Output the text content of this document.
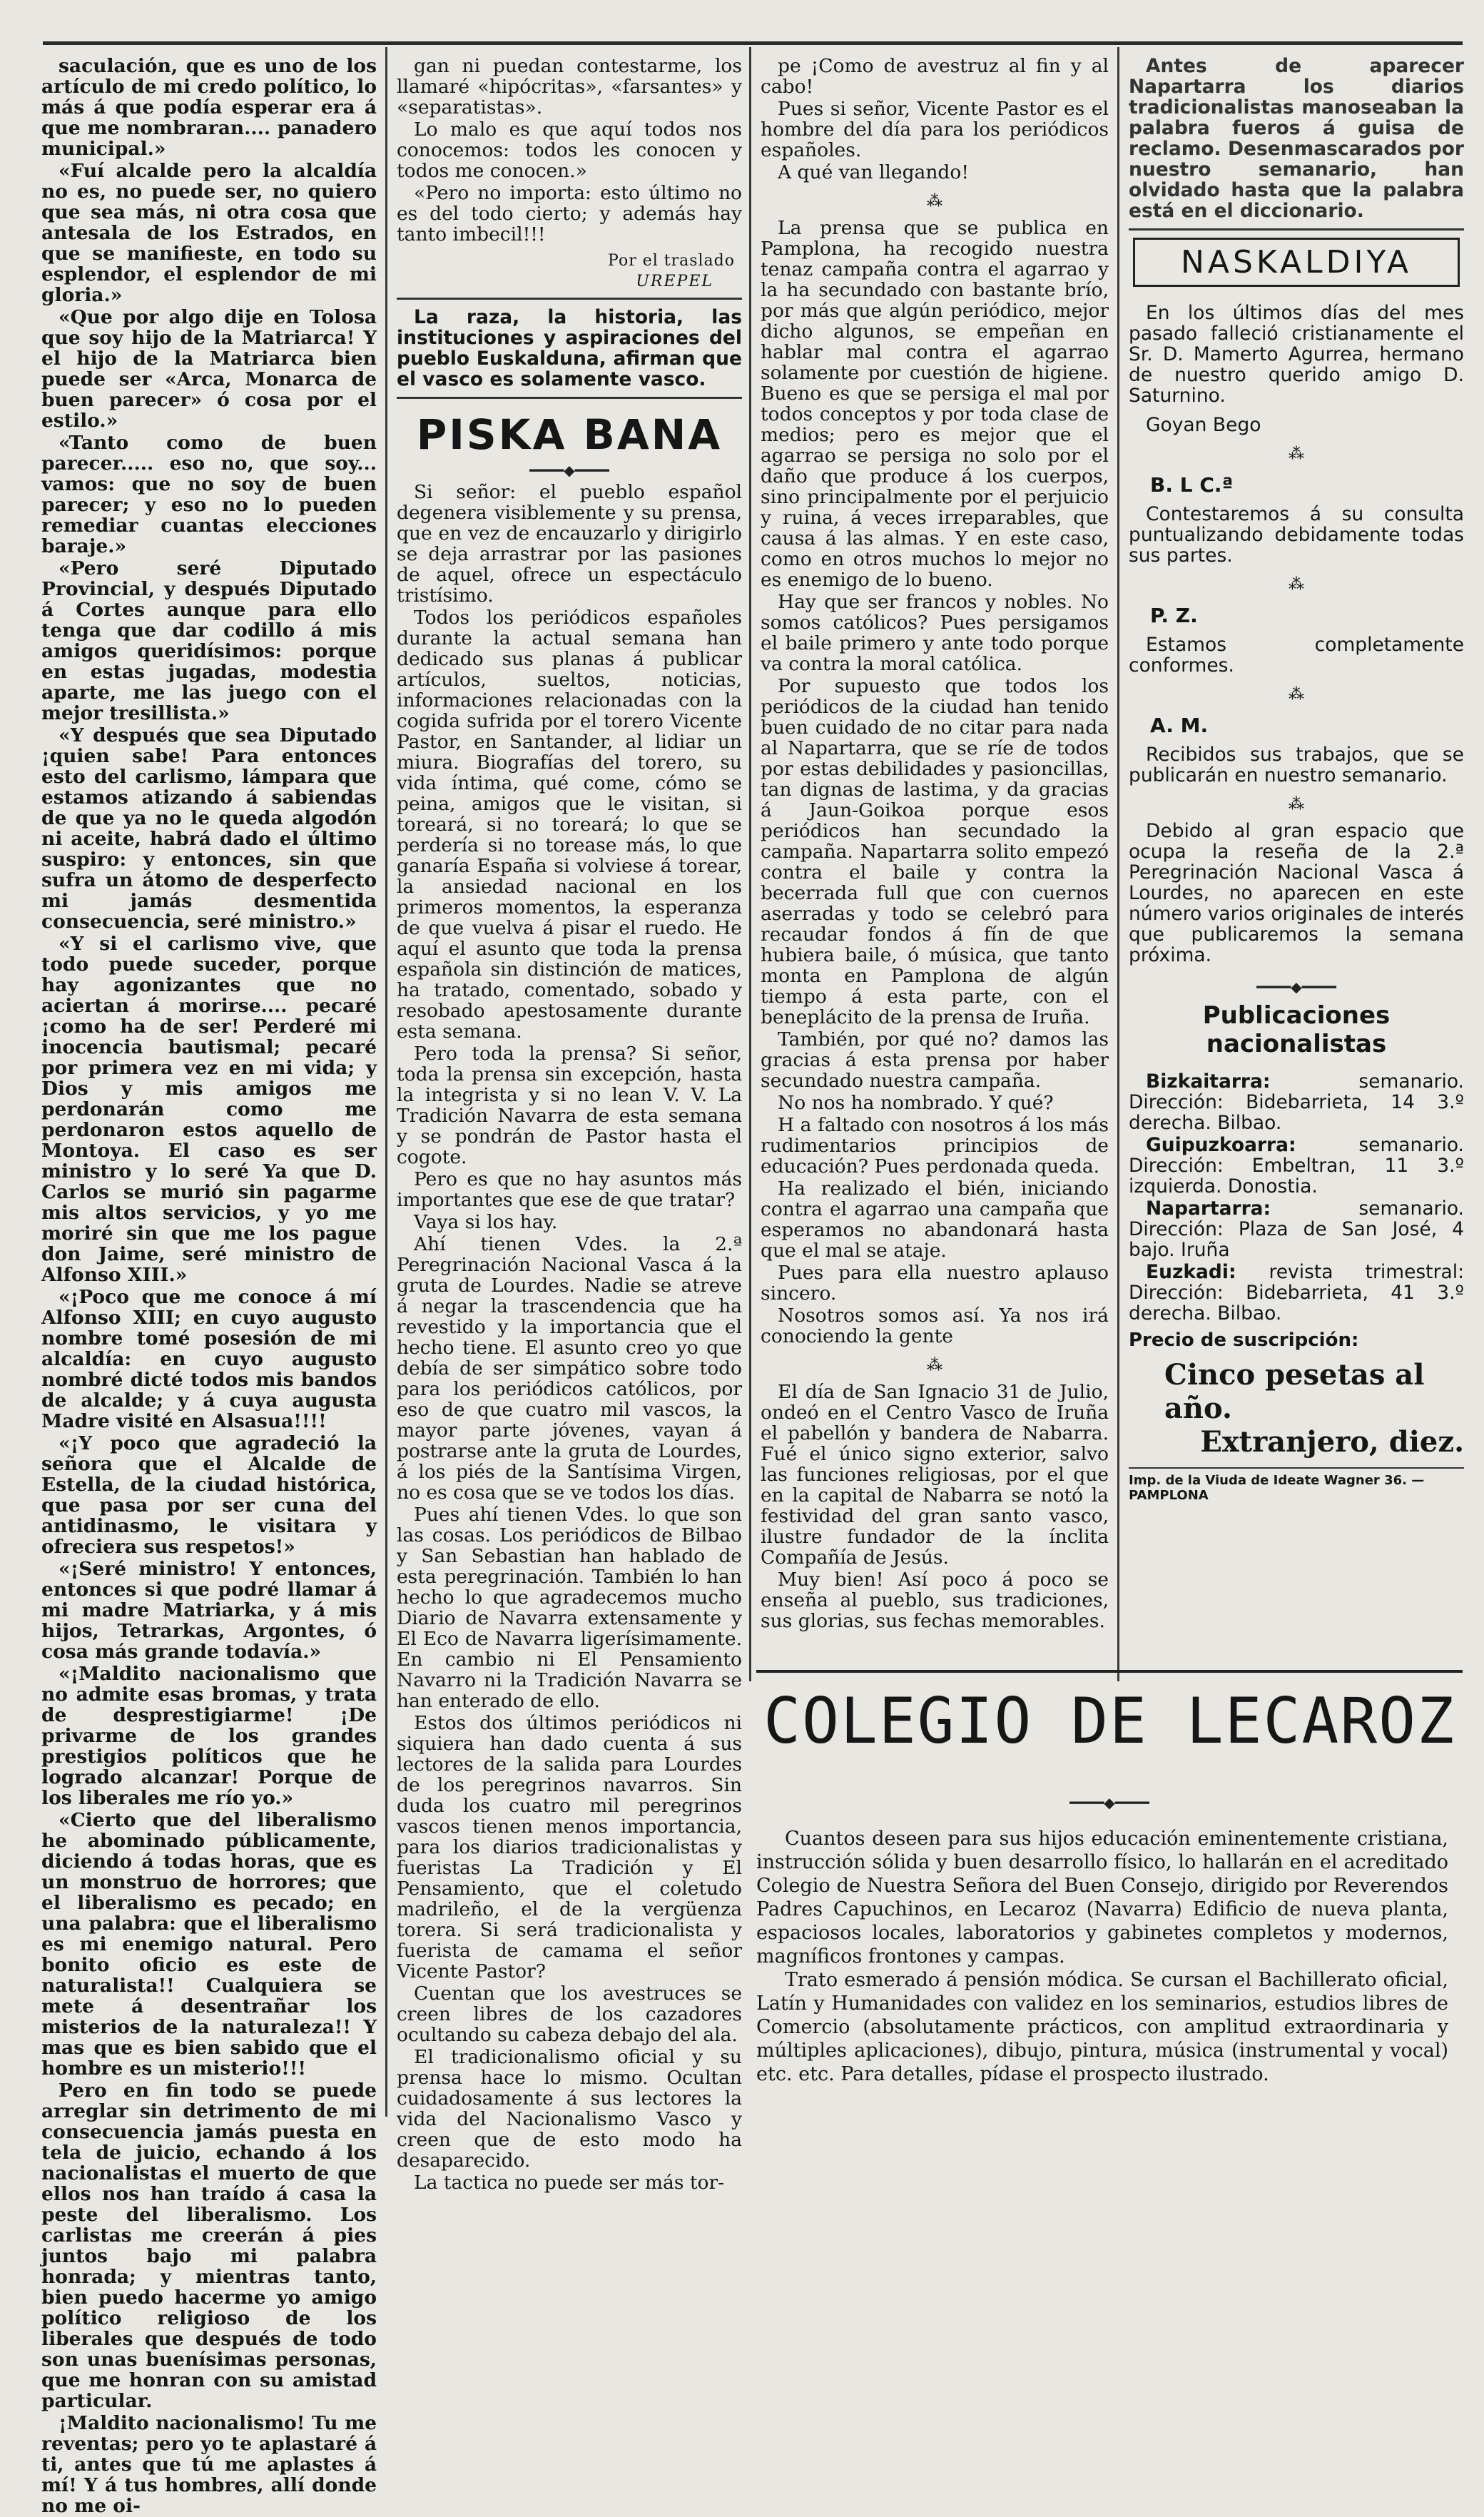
saculación, que es uno de los artículo de mi credo político, lo más á que podía esperar era á que me nombraran.... panadero municipal.»

«Fuí alcalde pero la alcaldía no es, no puede ser, no quiero que sea más, ni otra cosa que antesala de los Estrados, en que se manifieste, en todo su esplendor, el esplendor de mi gloria.»

«Que por algo dije en Tolosa que soy hijo de la Matriarca! Y el hijo de la Matriarca bien puede ser «Arca, Monarca de buen parecer» ó cosa por el estilo.»

«Tanto como de buen parecer..... eso no, que soy... vamos: que no soy de buen parecer; y eso no lo pueden remediar cuantas elecciones baraje.»

«Pero seré Diputado Provincial, y después Diputado á Cortes aunque para ello tenga que dar codillo á mis amigos queridísimos: porque en estas jugadas, modestia aparte, me las juego con el mejor tresillista.»

«Y después que sea Diputado ¡quien sabe! Para entonces esto del carlismo, lámpara que estamos atizando á sabiendas de que ya no le queda algodón ni aceite, habrá dado el último suspiro: y entonces, sin que sufra un átomo de desperfecto mi jamás desmentida consecuencia, seré ministro.»

«Y si el carlismo vive, que todo puede suceder, porque hay agonizantes que no aciertan á morirse.... pecaré ¡como ha de ser! Perderé mi inocencia bautismal; pecaré por primera vez en mi vida; y Dios y mis amigos me perdonarán como me perdonaron estos aquello de Montoya. El caso es ser ministro y lo seré Ya que D. Carlos se murió sin pagarme mis altos servicios, y yo me moriré sin que me los pague don Jaime, seré ministro de Alfonso XIII.»

«¡Poco que me conoce á mí Alfonso XIII; en cuyo augusto nombre tomé posesión de mi alcaldía: en cuyo augusto nombré dicté todos mis bandos de alcalde; y á cuya augusta Madre visité en Alsasua!!!!

«¡Y poco que agradeció la señora que el Alcalde de Estella, de la ciudad histórica, que pasa por ser cuna del antidinasmo, le visitara y ofreciera sus respetos!»

«¡Seré ministro! Y entonces, entonces si que podré llamar á mi madre Matriarka, y á mis hijos, Tetrarkas, Argontes, ó cosa más grande todavía.»

«¡Maldito nacionalismo que no admite esas bromas, y trata de desprestigiarme! ¡De privarme de los grandes prestigios políticos que he logrado alcanzar! Porque de los liberales me río yo.»

«Cierto que del liberalismo he abominado públicamente, diciendo á todas horas, que es un monstruo de horrores; que el liberalismo es pecado; en una palabra: que el liberalismo es mi enemigo natural. Pero bonito oficio es este de naturalista!! Cualquiera se mete á desentrañar los misterios de la naturaleza!! Y mas que es bien sabido que el hombre es un misterio!!!

Pero en fin todo se puede arreglar sin detrimento de mi consecuencia jamás puesta en tela de juicio, echando á los nacionalistas el muerto de que ellos nos han traído á casa la peste del liberalismo. Los carlistas me creerán á pies juntos bajo mi palabra honrada; y mientras tanto, bien puedo hacerme yo amigo político religioso de los liberales que después de todo son unas buenísimas personas, que me honran con su amistad particular.

¡Maldito nacionalismo! Tu me reventas; pero yo te aplastaré á ti, antes que tú me aplastes á mí! Y á tus hombres, allí donde no me oi-

gan ni puedan contestarme, los llamaré «hipócritas», «farsantes» y «separatistas».

Lo malo es que aquí todos nos conocemos: todos les conocen y todos me conocen.»

«Pero no importa: esto último no es del todo cierto; y además hay tanto imbecil!!!

Por el traslado
UREPEL

La raza, la historia, las instituciones y aspiraciones del pueblo Euskalduna, afirman que el vasco es solamente vasco.

PISKA BANA
━━━━◆━━━━

Si señor: el pueblo español degenera visiblemente y su prensa, que en vez de encauzarlo y dirigirlo se deja arrastrar por las pasiones de aquel, ofrece un espectáculo tristísimo.

Todos los periódicos españoles durante la actual semana han dedicado sus planas á publicar artículos, sueltos, noticias, informaciones relacionadas con la cogida sufrida por el torero Vicente Pastor, en Santander, al lidiar un miura. Biografías del torero, su vida íntima, qué come, cómo se peina, amigos que le visitan, si toreará, si no toreará; lo que se perdería si no torease más, lo que ganaría España si volviese á torear, la ansiedad nacional en los primeros momentos, la esperanza de que vuelva á pisar el ruedo. He aquí el asunto que toda la prensa española sin distinción de matices, ha tratado, comentado, sobado y resobado apestosamente durante esta semana.

Pero toda la prensa? Si señor, toda la prensa sin excepción, hasta la integrista y si no lean V. V. La Tradición Navarra de esta semana y se pondrán de Pastor hasta el cogote.

Pero es que no hay asuntos más importantes que ese de que tratar?

Vaya si los hay.

Ahí tienen Vdes. la 2.ª Peregrinación Nacional Vasca á la gruta de Lourdes. Nadie se atreve á negar la trascendencia que ha revestido y la importancia que el hecho tiene. El asunto creo yo que debía de ser simpático sobre todo para los periódicos católicos, por eso de que cuatro mil vascos, la mayor parte jóvenes, vayan á postrarse ante la gruta de Lourdes, á los piés de la Santísima Virgen, no es cosa que se ve todos los días.

Pues ahí tienen Vdes. lo que son las cosas. Los periódicos de Bilbao y San Sebastian han hablado de esta peregrinación. También lo han hecho lo que agradecemos mucho Diario de Navarra extensamente y El Eco de Navarra ligerísimamente. En cambio ni El Pensamiento Navarro ni la Tradición Navarra se han enterado de ello.

Estos dos últimos periódicos ni siquiera han dado cuenta á sus lectores de la salida para Lourdes de los peregrinos navarros. Sin duda los cuatro mil peregrinos vascos tienen menos importancia, para los diarios tradicionalistas y fueristas La Tradición y El Pensamiento, que el coletudo madrileño, el de la vergüenza torera. Si será tradicionalista y fuerista de camama el señor Vicente Pastor?

Cuentan que los avestruces se creen libres de los cazadores ocultando su cabeza debajo del ala.

El tradicionalismo oficial y su prensa hace lo mismo. Ocultan cuidadosamente á sus lectores la vida del Nacionalismo Vasco y creen que de esto modo ha desaparecido.

La tactica no puede ser más tor-

pe ¡Como de avestruz al fin y al cabo!

Pues si señor, Vicente Pastor es el hombre del día para los periódicos españoles.

A qué van llegando!

⁂

La prensa que se publica en Pamplona, ha recogido nuestra tenaz campaña contra el agarrao y la ha secundado con bastante brío, por más que algún periódico, mejor dicho algunos, se empeñan en hablar mal contra el agarrao solamente por cuestión de higiene. Bueno es que se persiga el mal por todos conceptos y por toda clase de medios; pero es mejor que el agarrao se persiga no solo por el daño que produce á los cuerpos, sino principalmente por el perjuicio y ruina, á veces irreparables, que causa á las almas. Y en este caso, como en otros muchos lo mejor no es enemigo de lo bueno.

Hay que ser francos y nobles. No somos católicos? Pues persigamos el baile primero y ante todo porque va contra la moral católica.

Por supuesto que todos los periódicos de la ciudad han tenido buen cuidado de no citar para nada al Napartarra, que se ríe de todos por estas debilidades y pasioncillas, tan dignas de lastima, y da gracias á Jaun-Goikoa porque esos periódicos han secundado la campaña. Napartarra solito empezó contra el baile y contra la becerrada full que con cuernos aserradas y todo se celebró para recaudar fondos á fín de que hubiera baile, ó música, que tanto monta en Pamplona de algún tiempo á esta parte, con el beneplácito de la prensa de Iruña.

También, por qué no? damos las gracias á esta prensa por haber secundado nuestra campaña.

No nos ha nombrado. Y qué?

H a faltado con nosotros á los más rudimentarios principios de educación? Pues perdonada queda.

Ha realizado el bién, iniciando contra el agarrao una campaña que esperamos no abandonará hasta que el mal se ataje.

Pues para ella nuestro aplauso sincero.

Nosotros somos así. Ya nos irá conociendo la gente

⁂

El día de San Ignacio 31 de Julio, ondeó en el Centro Vasco de Iruña el pabellón y bandera de Nabarra. Fué el único signo exterior, salvo las funciones religiosas, por el que en la capital de Nabarra se notó la festividad del gran santo vasco, ilustre fundador de la ínclita Compañía de Jesús.

Muy bien! Así poco á poco se enseña al pueblo, sus tradiciones, sus glorias, sus fechas memorables.

Antes de aparecer Napartarra los diarios tradicionalistas manoseaban la palabra fueros á guisa de reclamo. Desenmascarados por nuestro semanario, han olvidado hasta que la palabra está en el diccionario.

NASKALDIYA

En los últimos días del mes pasado falleció cristianamente el Sr. D. Mamerto Agurrea, hermano de nuestro querido amigo D. Saturnino.

Goyan Bego

⁂
B. L C.ª

Contestaremos á su consulta puntualizando debidamente todas sus partes.

⁂
P. Z.

Estamos completamente conformes.

⁂
A. M.

Recibidos sus trabajos, que se publicarán en nuestro semanario.

⁂

Debido al gran espacio que ocupa la reseña de la 2.ª Peregrinación Nacional Vasca á Lourdes, no aparecen en este número varios originales de interés que publicaremos la semana próxima.

━━━━◆━━━━
Publicaciones nacionalistas

Bizkaitarra: semanario. Dirección: Bidebarrieta, 14 3.º derecha. Bilbao.

Guipuzkoarra: semanario. Dirección: Embeltran, 11 3.º izquierda. Donostia.

Napartarra: semanario. Dirección: Plaza de San José, 4 bajo. Iruña

Euzkadi: revista trimestral: Dirección: Bidebarrieta, 41 3.º derecha. Bilbao.

Precio de suscripción:
Cinco pesetas al año.
Extranjero, diez.
Imp. de la Viuda de Ideate Wagner 36. — PAMPLONA
COLEGIO DE LECAROZ
━━━━◆━━━━

Cuantos deseen para sus hijos educación eminentemente cristiana, instrucción sólida y buen desarrollo físico, lo hallarán en el acreditado Colegio de Nuestra Señora del Buen Consejo, dirigido por Reverendos Padres Capuchinos, en Lecaroz (Navarra) Edificio de nueva planta, espaciosos locales, laboratorios y gabinetes completos y modernos, magníficos frontones y campas.

Trato esmerado á pensión módica. Se cursan el Bachillerato oficial, Latín y Humanidades con validez en los seminarios, estudios libres de Comercio (absolutamente prácticos, con amplitud extraordinaria y múltiples aplicaciones), dibujo, pintura, música (instrumental y vocal) etc. etc. Para detalles, pídase el prospecto ilustrado.
